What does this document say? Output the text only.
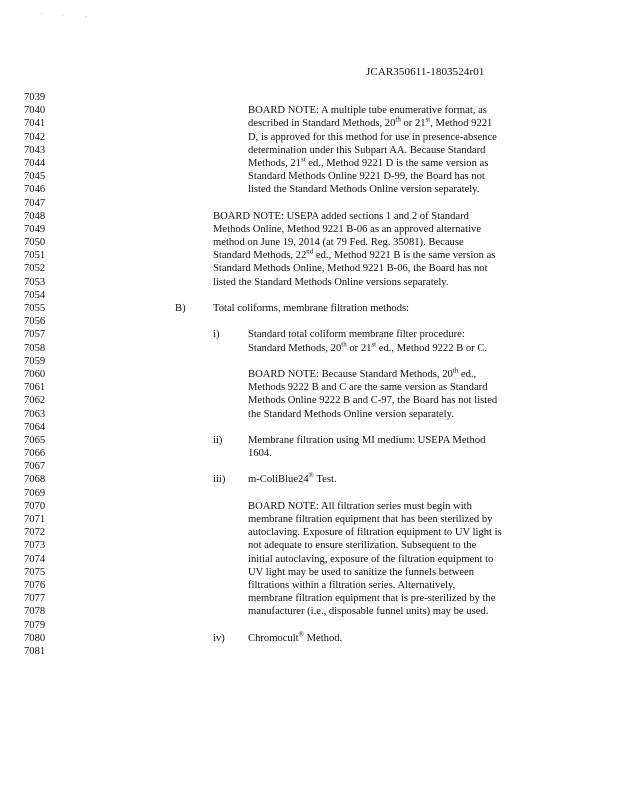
'	·	.,
JCAR350611-1803524r01
7039
7040	BOARD NOTE: A multiple tube enumerative format, as
7041	described in Standard Methods, 20th or 21st, Method 9221
7042	D, is approved for this method for use in presence-absence
7043	determination under this Subpart AA. Because Standard
7044	Methods, 21st ed., Method 9221 D is the same version as
7045	Standard Methods Online 9221 D-99, the Board has not
7046	listed the Standard Methods Online version separately.
7047
7048	BOARD NOTE: USEPA added sections 1 and 2 of Standard
7049	Methods Online, Method 9221 B-06 as an approved alternative
7050	method on June 19, 2014 (at 79 Fed. Reg. 35081). Because
7051	Standard Methods, 22nd ed., Method 9221 B is the same version as
7052	Standard Methods Online, Method 9221 B-06, the Board has not
7053	listed the Standard Methods Online versions separately.
7054
7055	B)	Total coliforms, membrane filtration methods:
7056
7057	i)	Standard total coliform membrane filter procedure:
7058	Standard Methods, 20th or 21st ed., Method 9222 B or C.
7059
7060	BOARD NOTE: Because Standard Methods, 20th ed.,
7061	Methods 9222 B and C are the same version as Standard
7062	Methods Online 9222 B and C-97, the Board has not listed
7063	the Standard Methods Online version separately.
7064
7065	ii) Membrane filtration using MI medium: USEPA Method
7066	1604.
7067
7068	iii) m-ColiBlue24® Test.
7069
7070	BOARD NOTE: All filtration series must begin with
7071	membrane filtration equipment that has been sterilized by
7072	autoclaving. Exposure of filtration equipment to UV light is
7073	not adequate to ensure sterilization. Subsequent to the
7074	initial autoclaving, exposure of the filtration equipment to
7075	UV light may be used to sanitize the funnels between
7076	filtrations within a filtration series. Alternatively,
7077	membrane filtration equipment that is pre-sterilized by the
7078	manufacturer (i.e., disposable funnel units) may be used.
7079
7080	iv) Chromocult® Method.
7081
